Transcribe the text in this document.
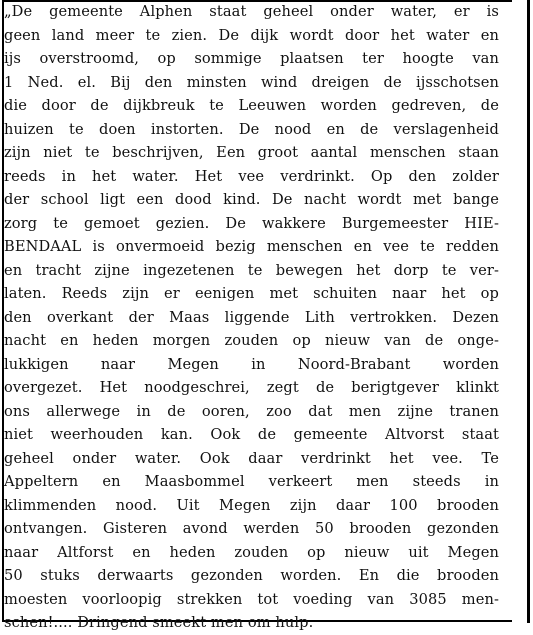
„De gemeente Alphen staat geheel onder water, er is
geen land meer te zien. De dijk wordt door het water en
ijs overstroomd, op sommige plaatsen ter hoogte van
1 Ned. el. Bij den minsten wind dreigen de ijsschotsen
die door de dijkbreuk te Leeuwen worden gedreven, de
huizen te doen instorten. De nood en de verslagenheid
zijn niet te beschrijven, Een groot aantal menschen staan
reeds in het water. Het vee verdrinkt. Op den zolder
der school ligt een dood kind. De nacht wordt met bange
zorg te gemoet gezien. De wakkere Burgemeester HIE-
BENDAAL is onvermoeid bezig menschen en vee te redden
en tracht zijne ingezetenen te bewegen het dorp te ver-
laten. Reeds zijn er eenigen met schuiten naar het op
den overkant der Maas liggende Lith vertrokken. Dezen
nacht en heden morgen zouden op nieuw van de onge-
lukkigen naar Megen in Noord-Brabant worden
overgezet. Het noodgeschrei, zegt de berigtgever klinkt
ons allerwege in de ooren, zoo dat men zijne tranen
niet weerhouden kan. Ook de gemeente Altvorst staat
geheel onder water. Ook daar verdrinkt het vee. Te
Appeltern en Maasbommel verkeert men steeds in
klimmenden nood. Uit Megen zijn daar 100 brooden
ontvangen. Gisteren avond werden 50 brooden gezonden
naar Altforst en heden zouden op nieuw uit Megen
50 stuks derwaarts gezonden worden. En die brooden
moesten voorloopig strekken tot voeding van 3085 men-
schen!.... Dringend smeekt men om hulp.
